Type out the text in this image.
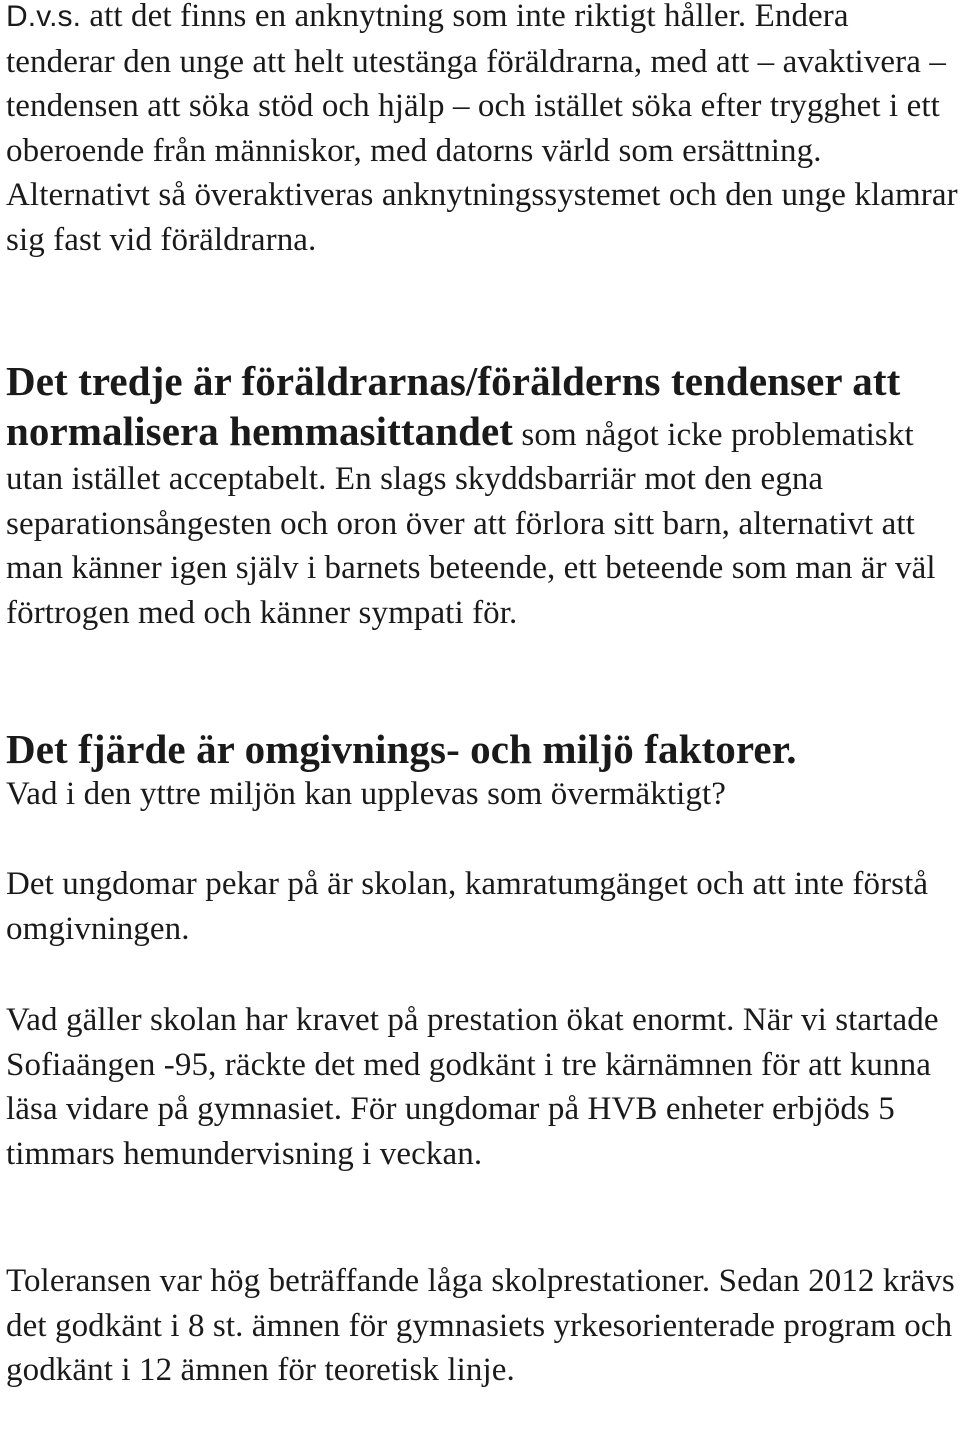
D.v.s. att det finns en anknytning som inte riktigt håller. Endera tenderar den unge att helt utestänga föräldrarna, med att – avaktivera – tendensen att söka stöd och hjälp – och istället söka efter trygghet i ett oberoende från människor, med datorns värld som ersättning. Alternativt så överaktiveras anknytningssystemet och den unge klamrar sig fast vid föräldrarna.

Det tredje är föräldrarnas/förälderns tendenser att normalisera hemmasittandet som något icke problematiskt utan istället acceptabelt. En slags skyddsbarriär mot den egna separationsångesten och oron över att förlora sitt barn, alternativt att man känner igen själv i barnets beteende, ett beteende som man är väl förtrogen med och känner sympati för.

Det fjärde är omgivnings- och miljö faktorer.
Vad i den yttre miljön kan upplevas som övermäktigt?

Det ungdomar pekar på är skolan, kamratumgänget och att inte förstå omgivningen.

Vad gäller skolan har kravet på prestation ökat enormt. När vi startade Sofiaängen -95, räckte det med godkänt i tre kärnämnen för att kunna läsa vidare på gymnasiet. För ungdomar på HVB enheter erbjöds 5 timmars hemundervisning i veckan.

Toleransen var hög beträffande låga skolprestationer. Sedan 2012 krävs det godkänt i 8 st. ämnen för gymnasiets yrkesorienterade program och godkänt i 12 ämnen för teoretisk linje.
